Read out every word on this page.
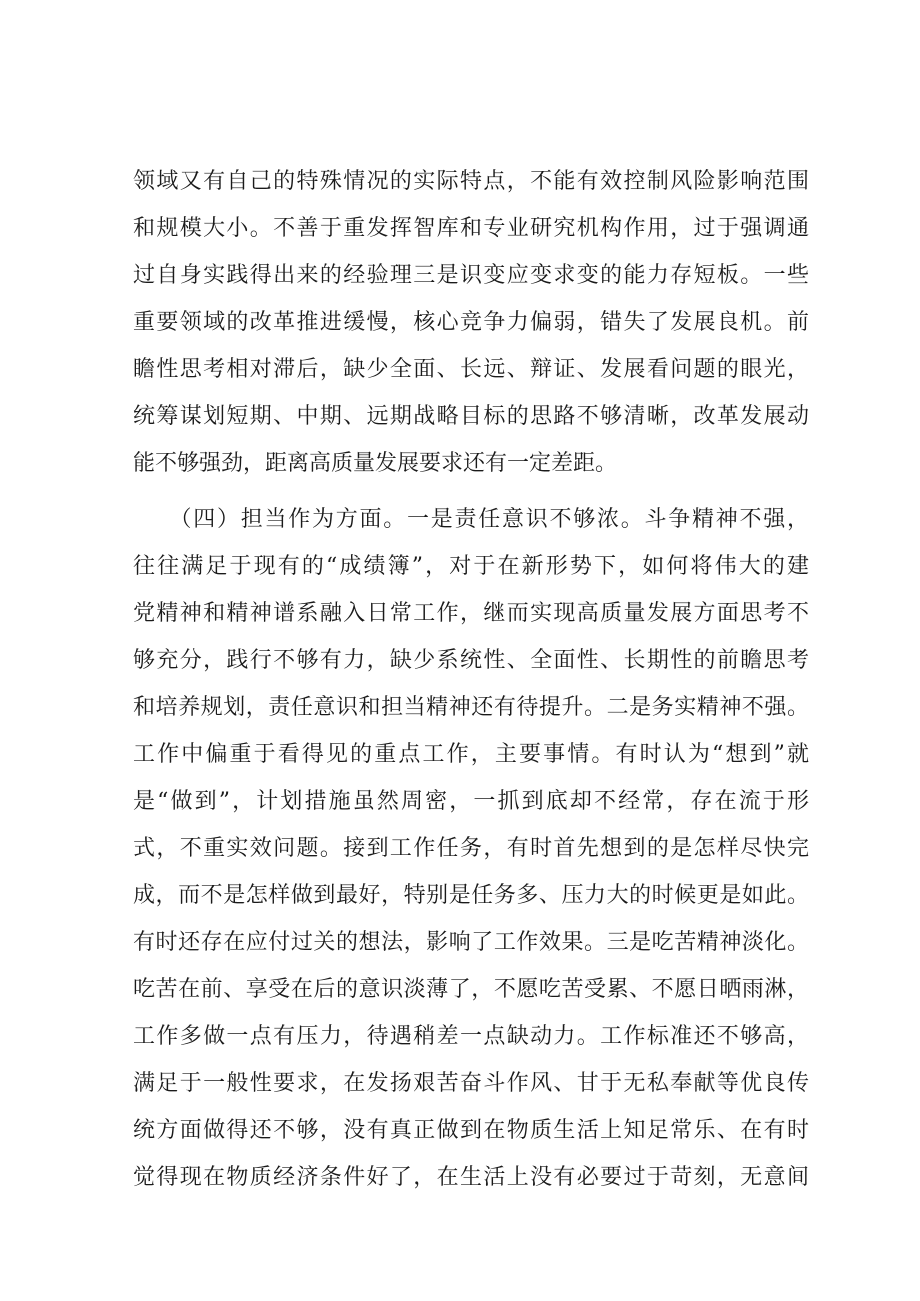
领域又有自己的特殊情况的实际特点，不能有效控制风险影响范围
和规模大小。不善于重发挥智库和专业研究机构作用，过于强调通
过自身实践得出来的经验理三是识变应变求变的能力存短板。一些
重要领域的改革推进缓慢，核心竞争力偏弱，错失了发展良机。前
瞻性思考相对滞后，缺少全面、长远、辩证、发展看问题的眼光，
统筹谋划短期、中期、远期战略目标的思路不够清晰，改革发展动
能不够强劲，距离高质量发展要求还有一定差距。
　　（四）担当作为方面。一是责任意识不够浓。斗争精神不强，
往往满足于现有的“成绩簿”，对于在新形势下，如何将伟大的建
党精神和精神谱系融入日常工作，继而实现高质量发展方面思考不
够充分，践行不够有力，缺少系统性、全面性、长期性的前瞻思考
和培养规划，责任意识和担当精神还有待提升。二是务实精神不强。
工作中偏重于看得见的重点工作，主要事情。有时认为“想到”就
是“做到”，计划措施虽然周密，一抓到底却不经常，存在流于形
式，不重实效问题。接到工作任务，有时首先想到的是怎样尽快完
成，而不是怎样做到最好，特别是任务多、压力大的时候更是如此。
有时还存在应付过关的想法，影响了工作效果。三是吃苦精神淡化。
吃苦在前、享受在后的意识淡薄了，不愿吃苦受累、不愿日晒雨淋，
工作多做一点有压力，待遇稍差一点缺动力。工作标准还不够高，
满足于一般性要求，在发扬艰苦奋斗作风、甘于无私奉献等优良传
统方面做得还不够，没有真正做到在物质生活上知足常乐、在有时
觉得现在物质经济条件好了，在生活上没有必要过于苛刻，无意间
